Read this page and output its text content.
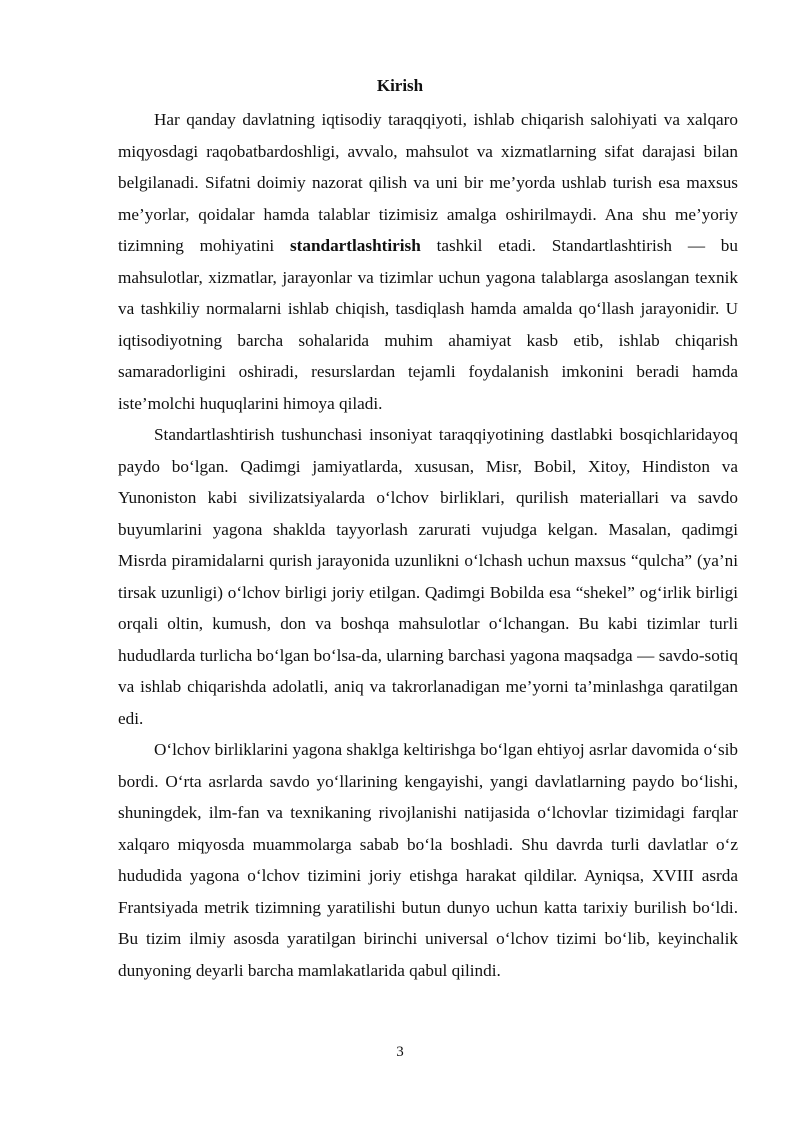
Kirish

Har qanday davlatning iqtisodiy taraqqiyoti, ishlab chiqarish salohiyati va xalqaro miqyosdagi raqobatbardoshligi, avvalo, mahsulot va xizmatlarning sifat darajasi bilan belgilanadi. Sifatni doimiy nazorat qilish va uni bir me’yorda ushlab turish esa maxsus me’yorlar, qoidalar hamda talablar tizimisiz amalga oshirilmaydi. Ana shu me’yoriy tizimning mohiyatini standartlashtirish tashkil etadi. Standartlashtirish — bu mahsulotlar, xizmatlar, jarayonlar va tizimlar uchun yagona talablarga asoslangan texnik va tashkiliy normalarni ishlab chiqish, tasdiqlash hamda amalda qo‘llash jarayonidir. U iqtisodiyotning barcha sohalarida muhim ahamiyat kasb etib, ishlab chiqarish samaradorligini oshiradi, resurslardan tejamli foydalanish imkonini beradi hamda iste’molchi huquqlarini himoya qiladi.

Standartlashtirish tushunchasi insoniyat taraqqiyotining dastlabki bosqichlaridayoq paydo bo‘lgan. Qadimgi jamiyatlarda, xususan, Misr, Bobil, Xitoy, Hindiston va Yunoniston kabi sivilizatsiyalarda o‘lchov birliklari, qurilish materiallari va savdo buyumlarini yagona shaklda tayyorlash zarurati vujudga kelgan. Masalan, qadimgi Misrda piramidalarni qurish jarayonida uzunlikni o‘lchash uchun maxsus “qulcha” (ya’ni tirsak uzunligi) o‘lchov birligi joriy etilgan. Qadimgi Bobilda esa “shekel” og‘irlik birligi orqali oltin, kumush, don va boshqa mahsulotlar o‘lchangan. Bu kabi tizimlar turli hududlarda turlicha bo‘lgan bo‘lsa-da, ularning barchasi yagona maqsadga — savdo-sotiq va ishlab chiqarishda adolatli, aniq va takrorlanadigan me’yorni ta’minlashga qaratilgan edi.

O‘lchov birliklarini yagona shaklga keltirishga bo‘lgan ehtiyoj asrlar davomida o‘sib bordi. O‘rta asrlarda savdo yo‘llarining kengayishi, yangi davlatlarning paydo bo‘lishi, shuningdek, ilm-fan va texnikaning rivojlanishi natijasida o‘lchovlar tizimidagi farqlar xalqaro miqyosda muammolarga sabab bo‘la boshladi. Shu davrda turli davlatlar o‘z hududida yagona o‘lchov tizimini joriy etishga harakat qildilar. Ayniqsa, XVIII asrda Frantsiyada metrik tizimning yaratilishi butun dunyo uchun katta tarixiy burilish bo‘ldi. Bu tizim ilmiy asosda yaratilgan birinchi universal o‘lchov tizimi bo‘lib, keyinchalik dunyoning deyarli barcha mamlakatlarida qabul qilindi.

3
